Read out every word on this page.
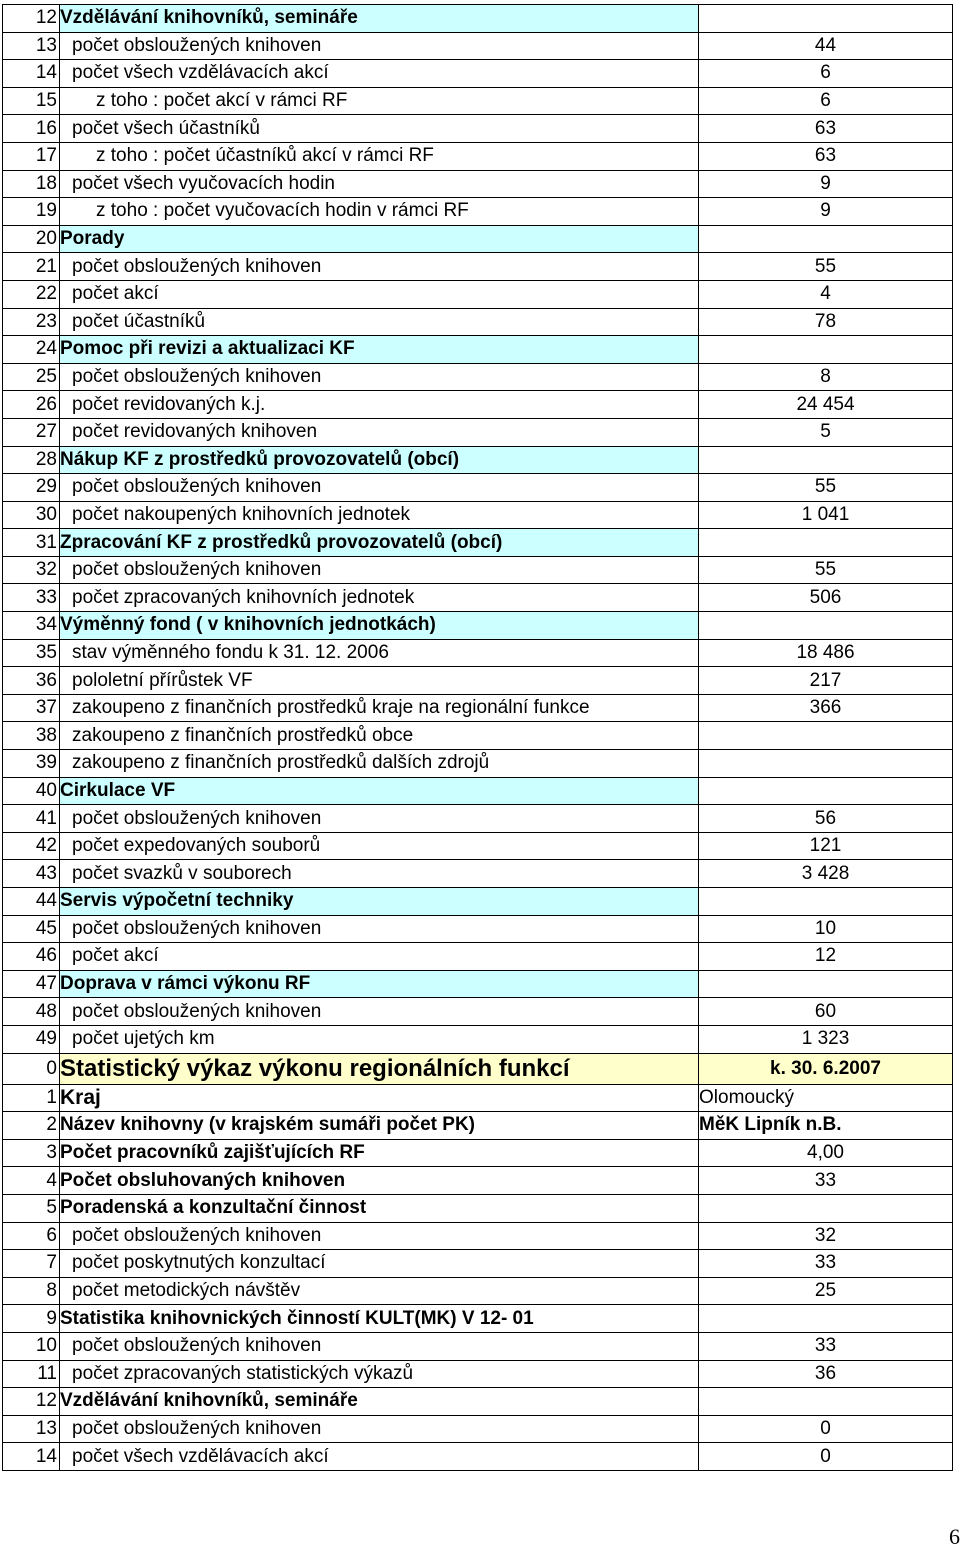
12	Vzdělávání knihovníků, semináře	
13	počet obsloužených knihoven	44
14	počet všech vzdělávacích akcí	6
15	z toho : počet akcí v rámci RF	6
16	počet všech účastníků	63
17	z toho : počet účastníků akcí v rámci RF	63
18	počet všech vyučovacích hodin	9
19	z toho : počet vyučovacích hodin v rámci RF	9
20	Porady	
21	počet obsloužených knihoven	55
22	počet akcí	4
23	počet účastníků	78
24	Pomoc při revizi a aktualizaci KF	
25	počet obsloužených knihoven	8
26	počet revidovaných k.j.	24 454
27	počet revidovaných knihoven	5
28	Nákup KF z prostředků provozovatelů (obcí)	
29	počet obsloužených knihoven	55
30	počet nakoupených knihovních jednotek	1 041
31	Zpracování KF z prostředků provozovatelů (obcí)	
32	počet obsloužených knihoven	55
33	počet zpracovaných knihovních jednotek	506
34	Výměnný fond ( v knihovních jednotkách)	
35	stav výměnného fondu k 31. 12. 2006	18 486
36	pololetní přírůstek VF	217
37	zakoupeno z finančních prostředků kraje na regionální funkce	366
38	zakoupeno z finančních prostředků obce	
39	zakoupeno z finančních prostředků dalších zdrojů	
40	Cirkulace VF	
41	počet obsloužených knihoven	56
42	počet expedovaných souborů	121
43	počet svazků v souborech	3 428
44	Servis výpočetní techniky	
45	počet obsloužených knihoven	10
46	počet akcí	12
47	Doprava v rámci výkonu RF	
48	počet obsloužených knihoven	60
49	počet ujetých km	1 323
0	Statistický výkaz výkonu regionálních funkcí	k. 30. 6.2007
1	Kraj	Olomoucký
2	Název knihovny (v krajském sumáři počet PK)	MěK Lipník n.B.
3	Počet pracovníků zajišťujících RF	4,00
4	Počet obsluhovaných knihoven	33
5	Poradenská a konzultační činnost	
6	počet obsloužených knihoven	32
7	počet poskytnutých konzultací	33
8	počet metodických návštěv	25
9	Statistika knihovnických činností KULT(MK) V 12- 01	
10	počet obsloužených knihoven	33
11	počet zpracovaných statistických výkazů	36
12	Vzdělávání knihovníků, semináře	
13	počet obsloužených knihoven	0
14	počet všech vzdělávacích akcí	0
6
